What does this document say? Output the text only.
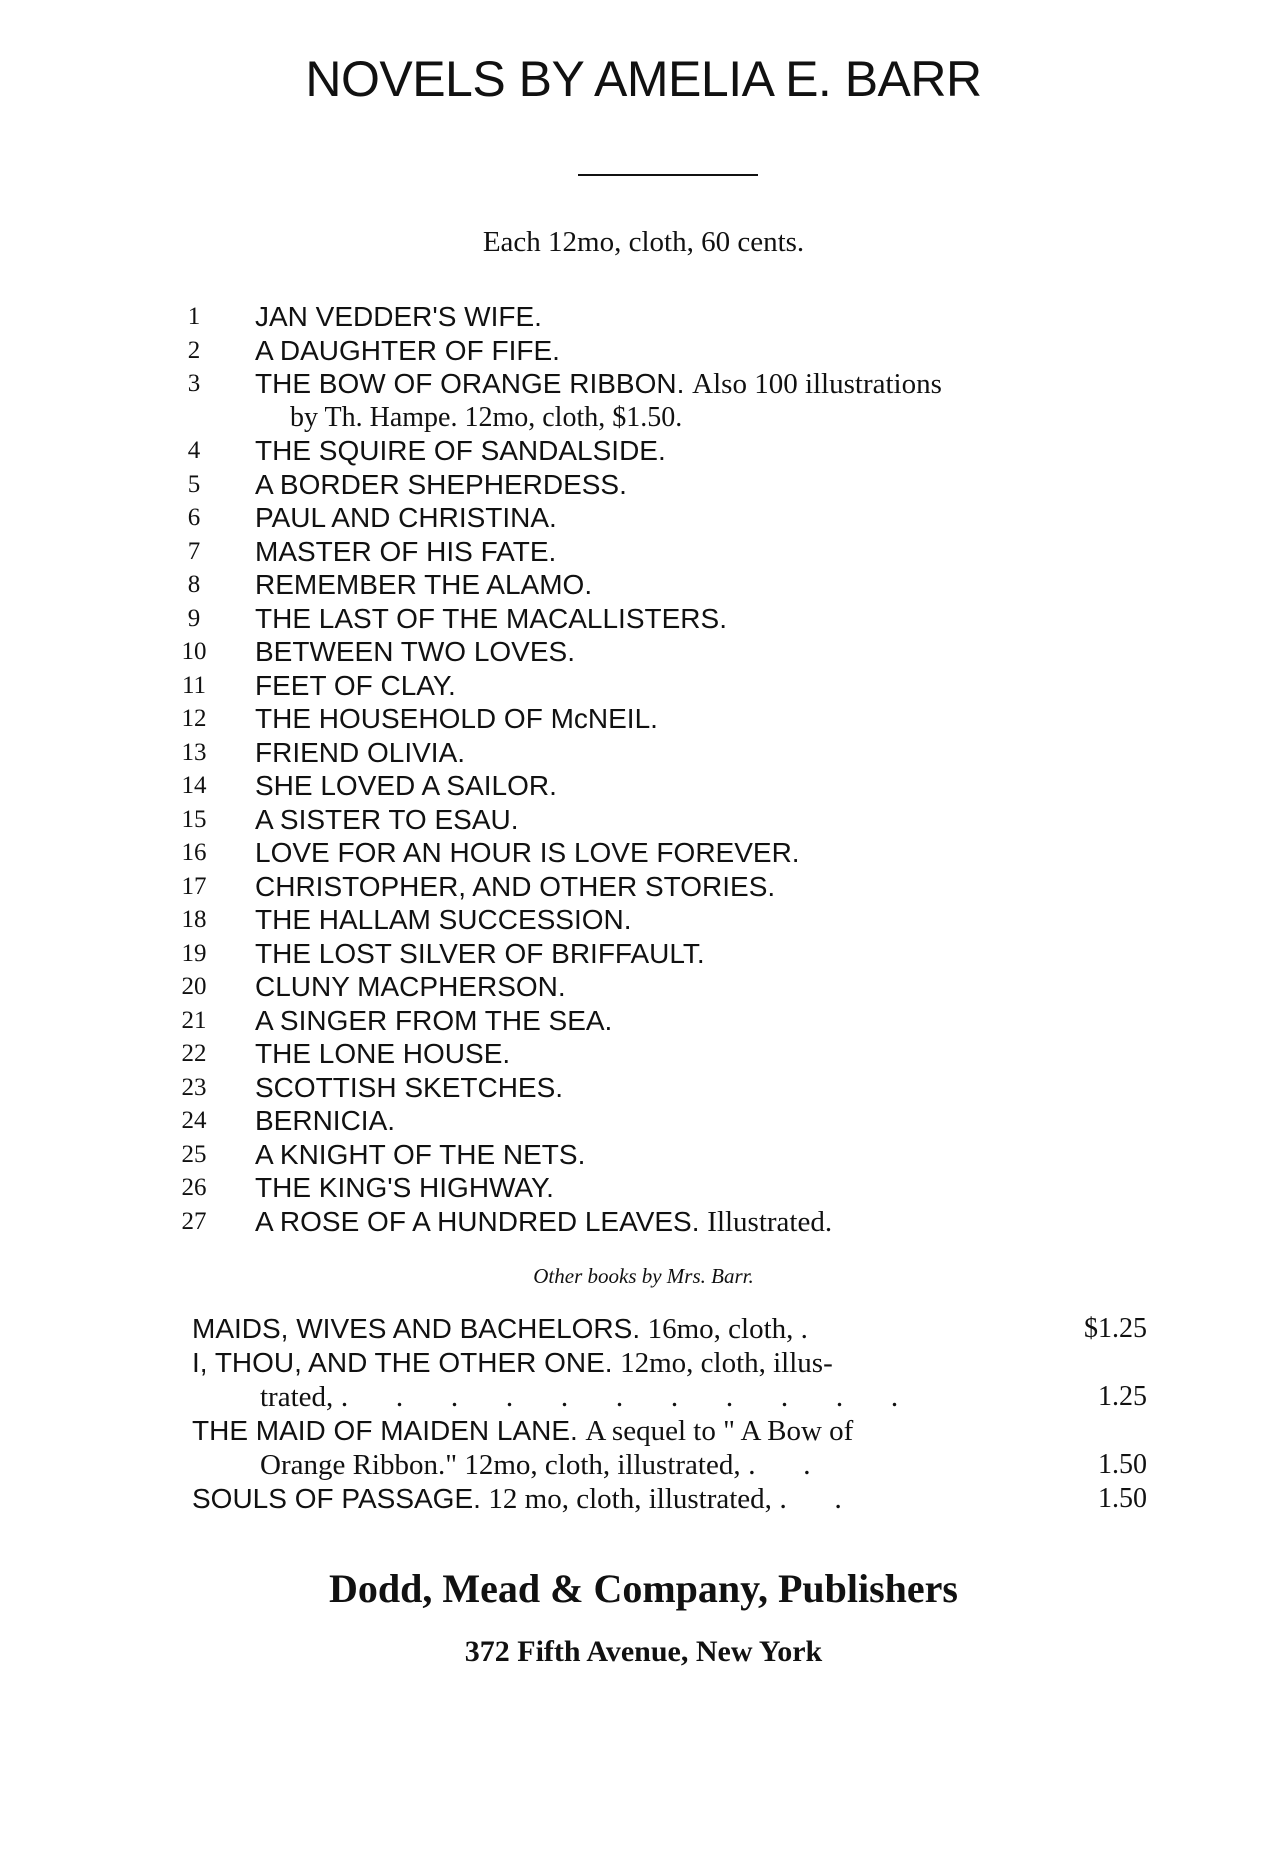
NOVELS BY AMELIA E. BARR
Each 12mo, cloth, 60 cents.
1	JAN VEDDER'S WIFE.
2	A DAUGHTER OF FIFE.
3	THE BOW OF ORANGE RIBBON. Also 100 illustrations
by Th. Hampe. 12mo, cloth, $1.50.
4	THE SQUIRE OF SANDALSIDE.
5	A BORDER SHEPHERDESS.
6	PAUL AND CHRISTINA.
7	MASTER OF HIS FATE.
8	REMEMBER THE ALAMO.
9	THE LAST OF THE MACALLISTERS.
10	BETWEEN TWO LOVES.
11	FEET OF CLAY.
12	THE HOUSEHOLD OF McNEIL.
13	FRIEND OLIVIA.
14	SHE LOVED A SAILOR.
15	A SISTER TO ESAU.
16	LOVE FOR AN HOUR IS LOVE FOREVER.
17	CHRISTOPHER, AND OTHER STORIES.
18	THE HALLAM SUCCESSION.
19	THE LOST SILVER OF BRIFFAULT.
20	CLUNY MACPHERSON.
21	A SINGER FROM THE SEA.
22	THE LONE HOUSE.
23	SCOTTISH SKETCHES.
24	BERNICIA.
25	A KNIGHT OF THE NETS.
26	THE KING'S HIGHWAY.
27	A ROSE OF A HUNDRED LEAVES. Illustrated.
Other books by Mrs. Barr.
MAIDS, WIVES AND BACHELORS. 16mo, cloth, .	$1.25
I, THOU, AND THE OTHER ONE. 12mo, cloth, illus-
trated, . . . . . . . . . . .	1.25
THE MAID OF MAIDEN LANE. A sequel to " A Bow of
Orange Ribbon." 12mo, cloth, illustrated, . .	1.50
SOULS OF PASSAGE. 12 mo, cloth, illustrated, . .	1.50
Dodd, Mead & Company, Publishers
372 Fifth Avenue, New York
